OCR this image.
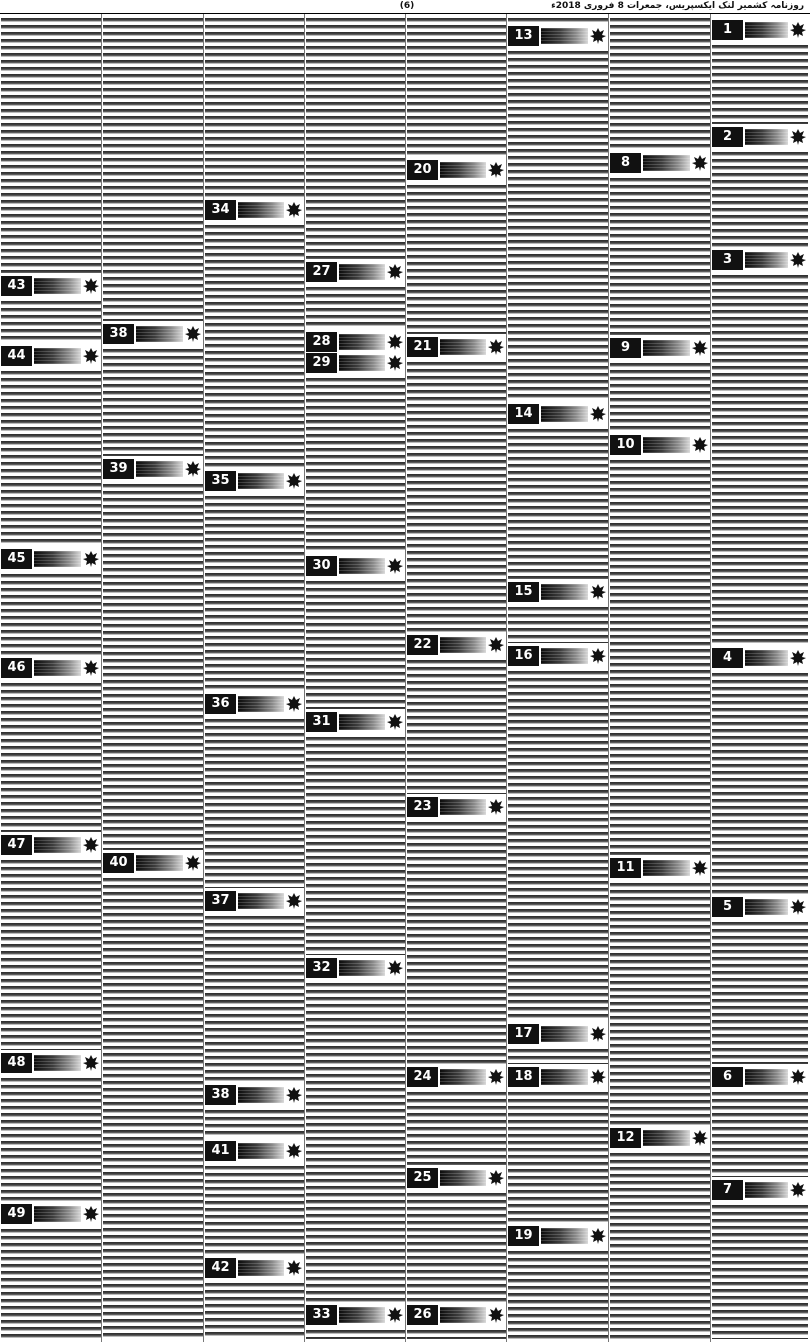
(6)	روزنامہ کشمیر لنک ایکسپریس، جمعرات 8 فروری 2018ء
1
2
3
4
5
6
7
8
9
10
11
12
13
14
15
16
17
18
19
20
21
22
23
24
25
26
27
28
29
30
31
32
33
34
35
36
37
38
41
42
38
39
40
43
44
45
46
47
48
49
